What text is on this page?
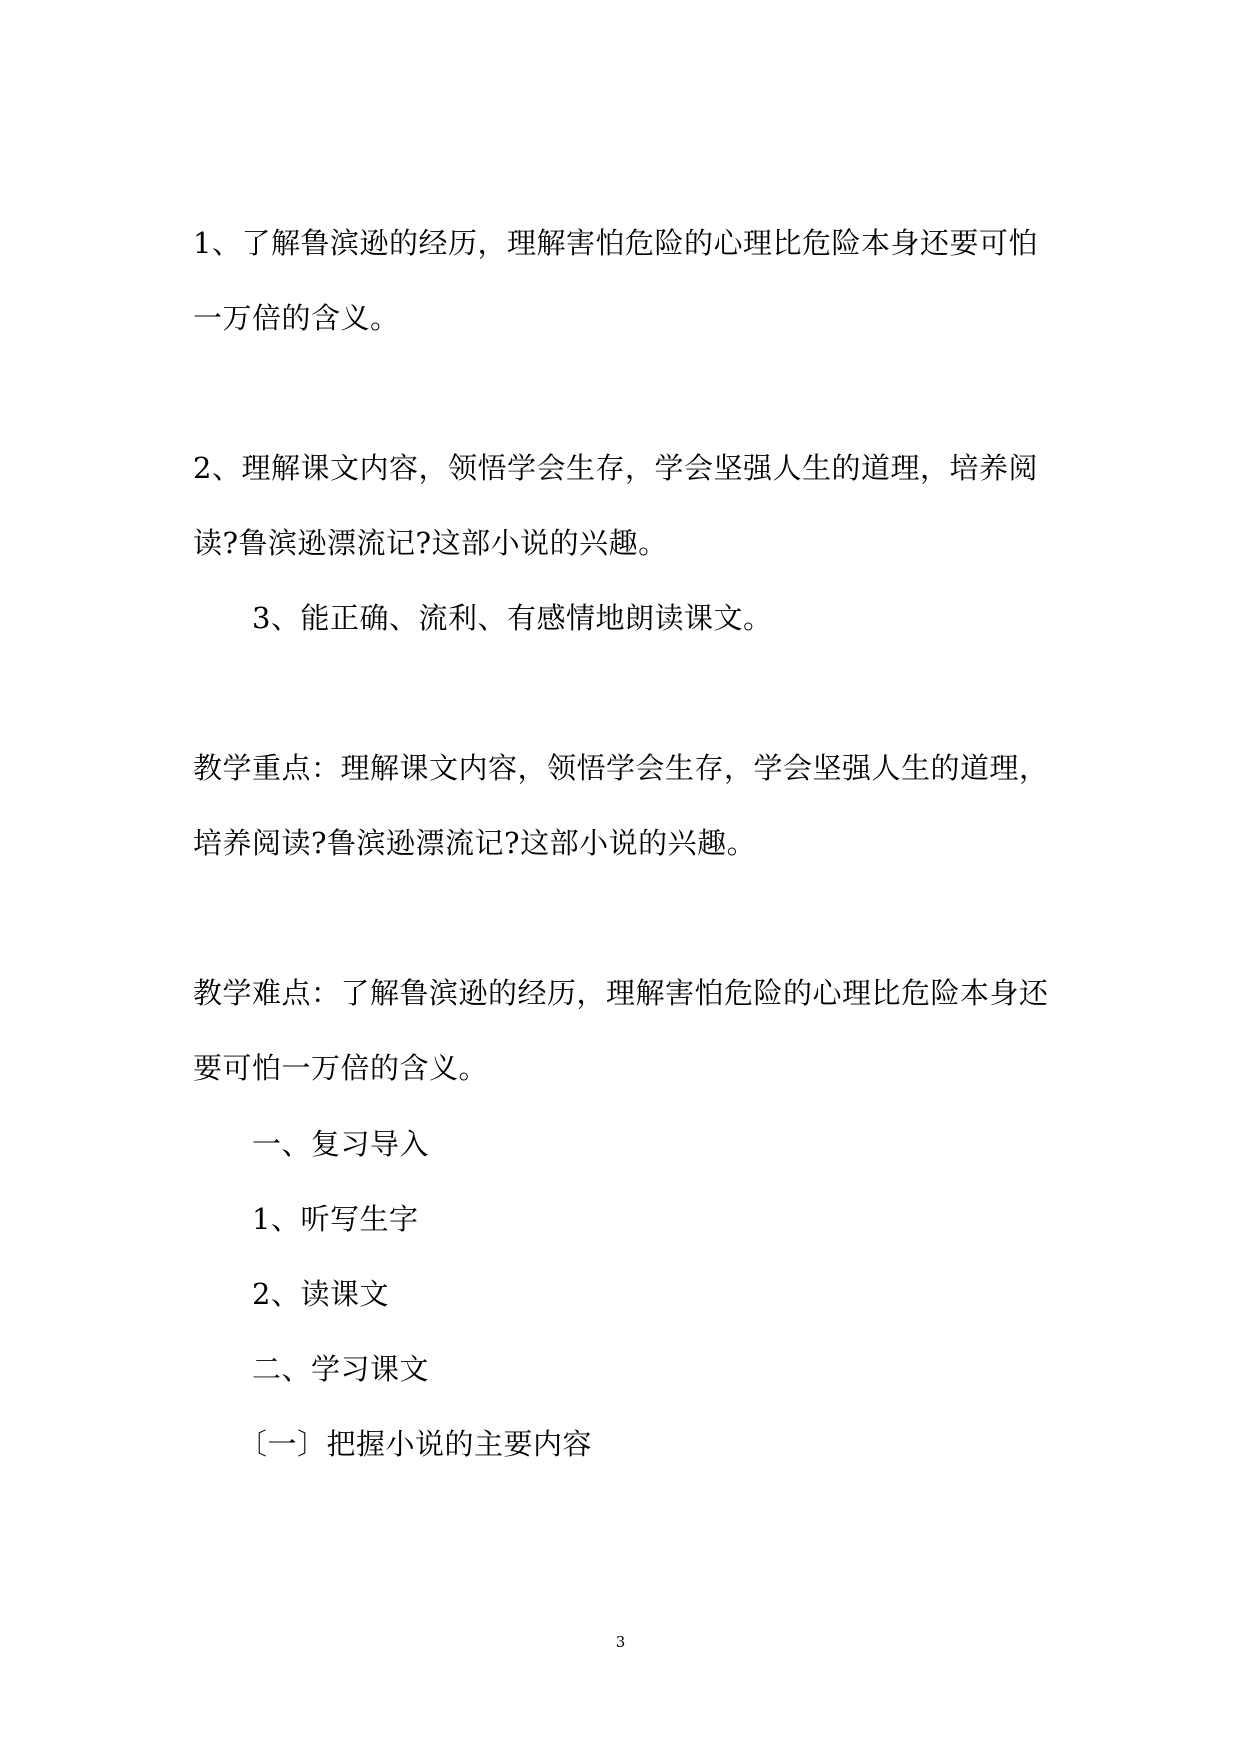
1、了解鲁滨逊的经历，理解害怕危险的心理比危险本身还要可怕
一万倍的含义。
2、理解课文内容，领悟学会生存，学会坚强人生的道理，培养阅
读?鲁滨逊漂流记?这部小说的兴趣。
3、能正确、流利、有感情地朗读课文。
教学重点：理解课文内容，领悟学会生存，学会坚强人生的道理，
培养阅读?鲁滨逊漂流记?这部小说的兴趣。
教学难点：了解鲁滨逊的经历，理解害怕危险的心理比危险本身还
要可怕一万倍的含义。
一、复习导入
1、听写生字
2、读课文
二、学习课文
〔一〕把握小说的主要内容
3
